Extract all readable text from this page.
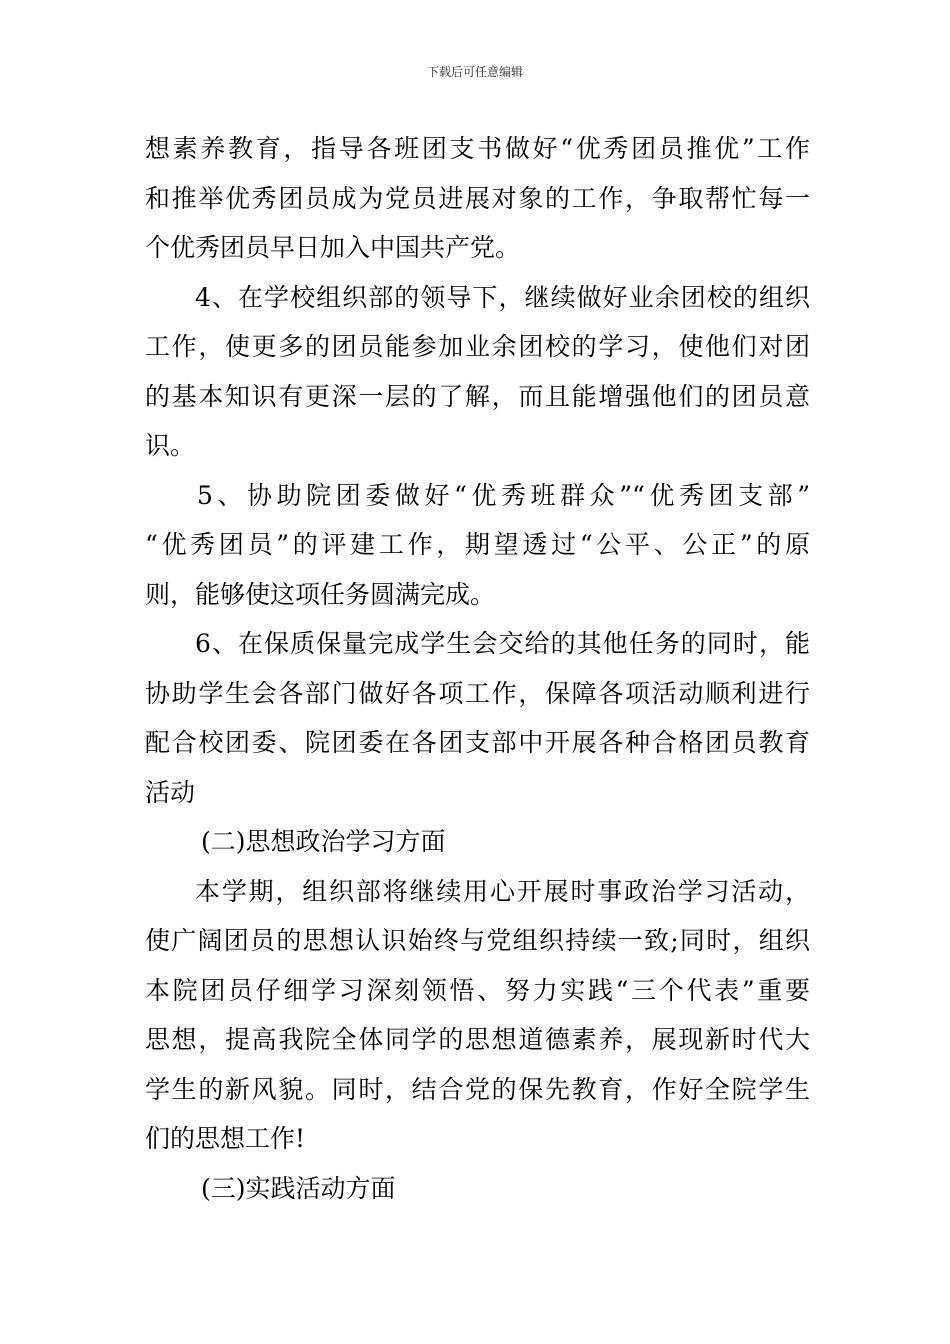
下载后可任意编辑
想素养教育，指导各班团支书做好“优秀团员推优”工作
和推举优秀团员成为党员进展对象的工作，争取帮忙每一
个优秀团员早日加入中国共产党。
4、在学校组织部的领导下，继续做好业余团校的组织
工作，使更多的团员能参加业余团校的学习，使他们对团
的基本知识有更深一层的了解，而且能增强他们的团员意
识。
5、协助院团委做好“优秀班群众”“优秀团支部”
“优秀团员”的评建工作，期望透过“公平、公正”的原
则，能够使这项任务圆满完成。
6、在保质保量完成学生会交给的其他任务的同时，能
协助学生会各部门做好各项工作，保障各项活动顺利进行
配合校团委、院团委在各团支部中开展各种合格团员教育
活动
(二)思想政治学习方面
本学期，组织部将继续用心开展时事政治学习活动，
使广阔团员的思想认识始终与党组织持续一致;同时，组织
本院团员仔细学习深刻领悟、努力实践“三个代表”重要
思想，提高我院全体同学的思想道德素养，展现新时代大
学生的新风貌。同时，结合党的保先教育，作好全院学生
们的思想工作!
(三)实践活动方面
